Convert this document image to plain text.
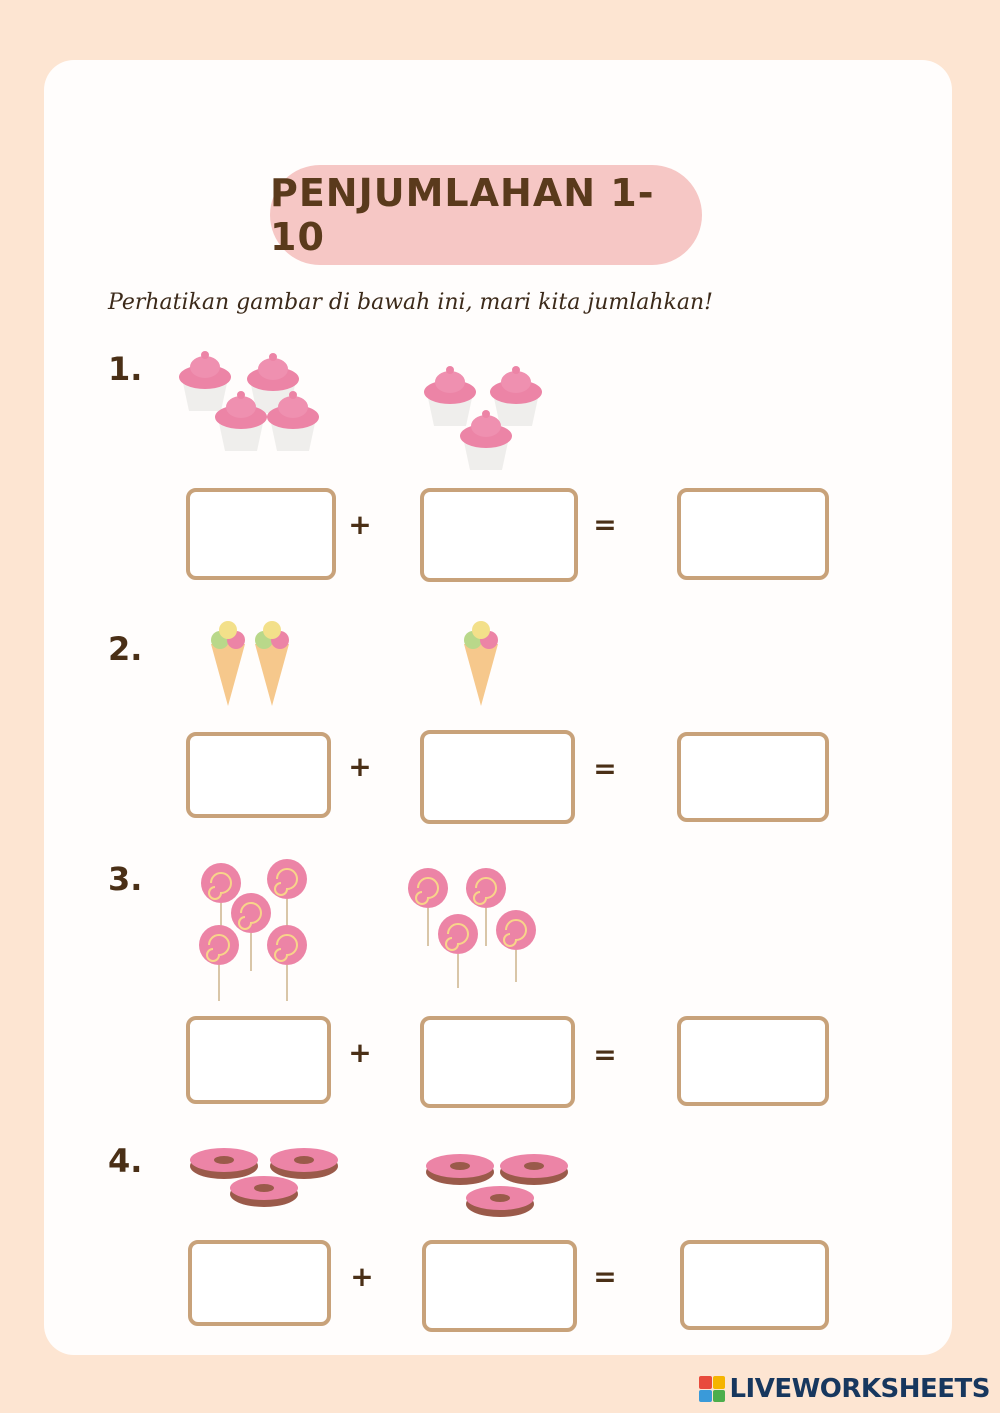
PENJUMLAHAN 1-10
Perhatikan gambar di bawah ini, mari kita jumlahkan!
1.
+	=
2.
+	=
3.
+	=
4.
+	=
LIVEWORKSHEETS
